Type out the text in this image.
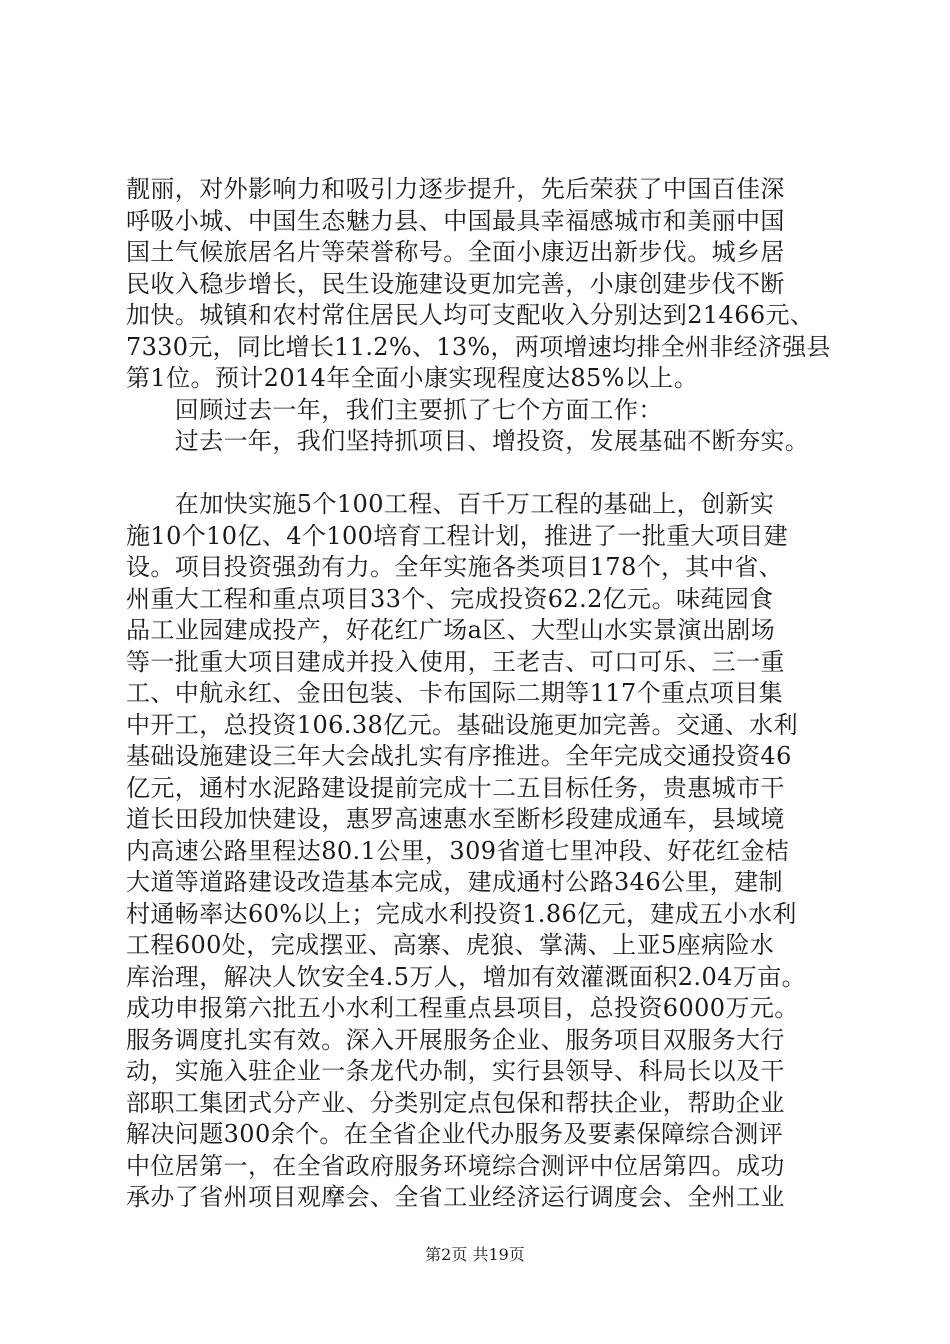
靓丽，对外影响力和吸引力逐步提升，先后荣获了中国百佳深
呼吸小城、中国生态魅力县、中国最具幸福感城市和美丽中国
国土气候旅居名片等荣誉称号。全面小康迈出新步伐。城乡居
民收入稳步增长，民生设施建设更加完善，小康创建步伐不断
加快。城镇和农村常住居民人均可支配收入分别达到21466元、
7330元，同比增长11.2%、13%，两项增速均排全州非经济强县
第1位。预计2014年全面小康实现程度达85%以上。
　　回顾过去一年，我们主要抓了七个方面工作：
　　过去一年，我们坚持抓项目、增投资，发展基础不断夯实。
　　在加快实施5个100工程、百千万工程的基础上，创新实
施10个10亿、4个100培育工程计划，推进了一批重大项目建
设。项目投资强劲有力。全年实施各类项目178个，其中省、
州重大工程和重点项目33个、完成投资62.2亿元。味莼园食
品工业园建成投产，好花红广场a区、大型山水实景演出剧场
等一批重大项目建成并投入使用，王老吉、可口可乐、三一重
工、中航永红、金田包装、卡布国际二期等117个重点项目集
中开工，总投资106.38亿元。基础设施更加完善。交通、水利
基础设施建设三年大会战扎实有序推进。全年完成交通投资46
亿元，通村水泥路建设提前完成十二五目标任务，贵惠城市干
道长田段加快建设，惠罗高速惠水至断杉段建成通车，县域境
内高速公路里程达80.1公里，309省道七里冲段、好花红金桔
大道等道路建设改造基本完成，建成通村公路346公里，建制
村通畅率达60%以上；完成水利投资1.86亿元，建成五小水利
工程600处，完成摆亚、高寨、虎狼、掌满、上亚5座病险水
库治理，解决人饮安全4.5万人，增加有效灌溉面积2.04万亩。
成功申报第六批五小水利工程重点县项目，总投资6000万元。
服务调度扎实有效。深入开展服务企业、服务项目双服务大行
动，实施入驻企业一条龙代办制，实行县领导、科局长以及干
部职工集团式分产业、分类别定点包保和帮扶企业，帮助企业
解决问题300余个。在全省企业代办服务及要素保障综合测评
中位居第一，在全省政府服务环境综合测评中位居第四。成功
承办了省州项目观摩会、全省工业经济运行调度会、全州工业
第2页 共19页
